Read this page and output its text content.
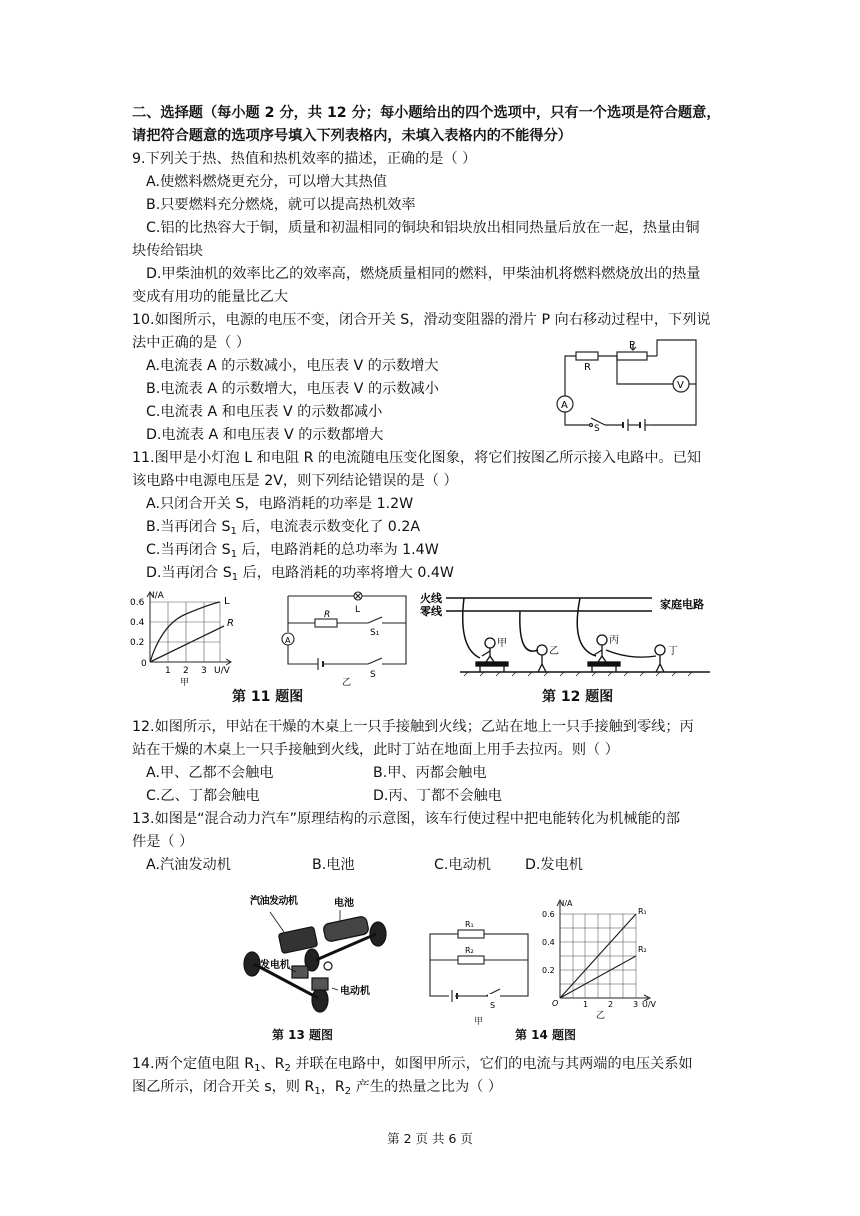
二、选择题（每小题 2 分，共 12 分；每小题给出的四个选项中，只有一个选项是符合题意，
请把符合题意的选项序号填入下列表格内，未填入表格内的不能得分）
9.下列关于热、热值和热机效率的描述，正确的是（ ）
A.使燃料燃烧更充分，可以增大其热值
B.只要燃料充分燃烧，就可以提高热机效率
C.铝的比热容大于铜，质量和初温相同的铜块和铝块放出相同热量后放在一起，热量由铜
块传给铝块
D.甲柴油机的效率比乙的效率高，燃烧质量相同的燃料，甲柴油机将燃料燃烧放出的热量
变成有用功的能量比乙大
10.如图所示，电源的电压不变，闭合开关 S，滑动变阻器的滑片 P 向右移动过程中，下列说
法中正确的是（ ）
A.电流表 A 的示数减小，电压表 V 的示数增大
B.电流表 A 的示数增大，电压表 V 的示数减小
C.电流表 A 和电压表 V 的示数都减小
D.电流表 A 和电压表 V 的示数都增大
R
P
A
V
S
11.图甲是小灯泡 L 和电阻 R 的电流随电压变化图象，将它们按图乙所示接入电路中。已知
该电路中电源电压是 2V，则下列结论错误的是（ ）
A.只闭合开关 S，电路消耗的功率是 1.2W
B.当再闭合 $S_1$ 后，电流表示数变化了 0.2A
C.当再闭合 $S_1$ 后，电路消耗的总功率为 1.4W
D.当再闭合 $S_1$ 后，电路消耗的功率将增大 0.4W
I/A
0.6
0.4
0.2
0
1 2 3 U/V
L
R
甲
L
R
S₁
S
A
乙
第 11 题图
火线
零线
家庭电路
甲
乙
丙
丁
第 12 题图
12.如图所示，甲站在干燥的木桌上一只手接触到火线；乙站在地上一只手接触到零线；丙
站在干燥的木桌上一只手接触到火线，此时丁站在地面上用手去拉丙。则（ ）
A.甲、乙都不会触电	B.甲、丙都会触电
C.乙、丁都会触电	D.丙、丁都不会触电
13.如图是“混合动力汽车”原理结构的示意图，该车行使过程中把电能转化为机械能的部
件是（ ）
A.汽油发动机	B.电池	C.电动机 D.发电机
汽油发动机	电池
发电机
电动机
第 13 题图
R₁
R₂
S
甲
I/A
0.6
0.4
0.2
O	1 2 3 U/V
R₁
R₂
乙
第 14 题图
14.两个定值电阻 $R_1$、$R_2$ 并联在电路中，如图甲所示，它们的电流与其两端的电压关系如
图乙所示，闭合开关 s，则 $R_1$，$R_2$ 产生的热量之比为（ ）
第 2 页 共 6 页
